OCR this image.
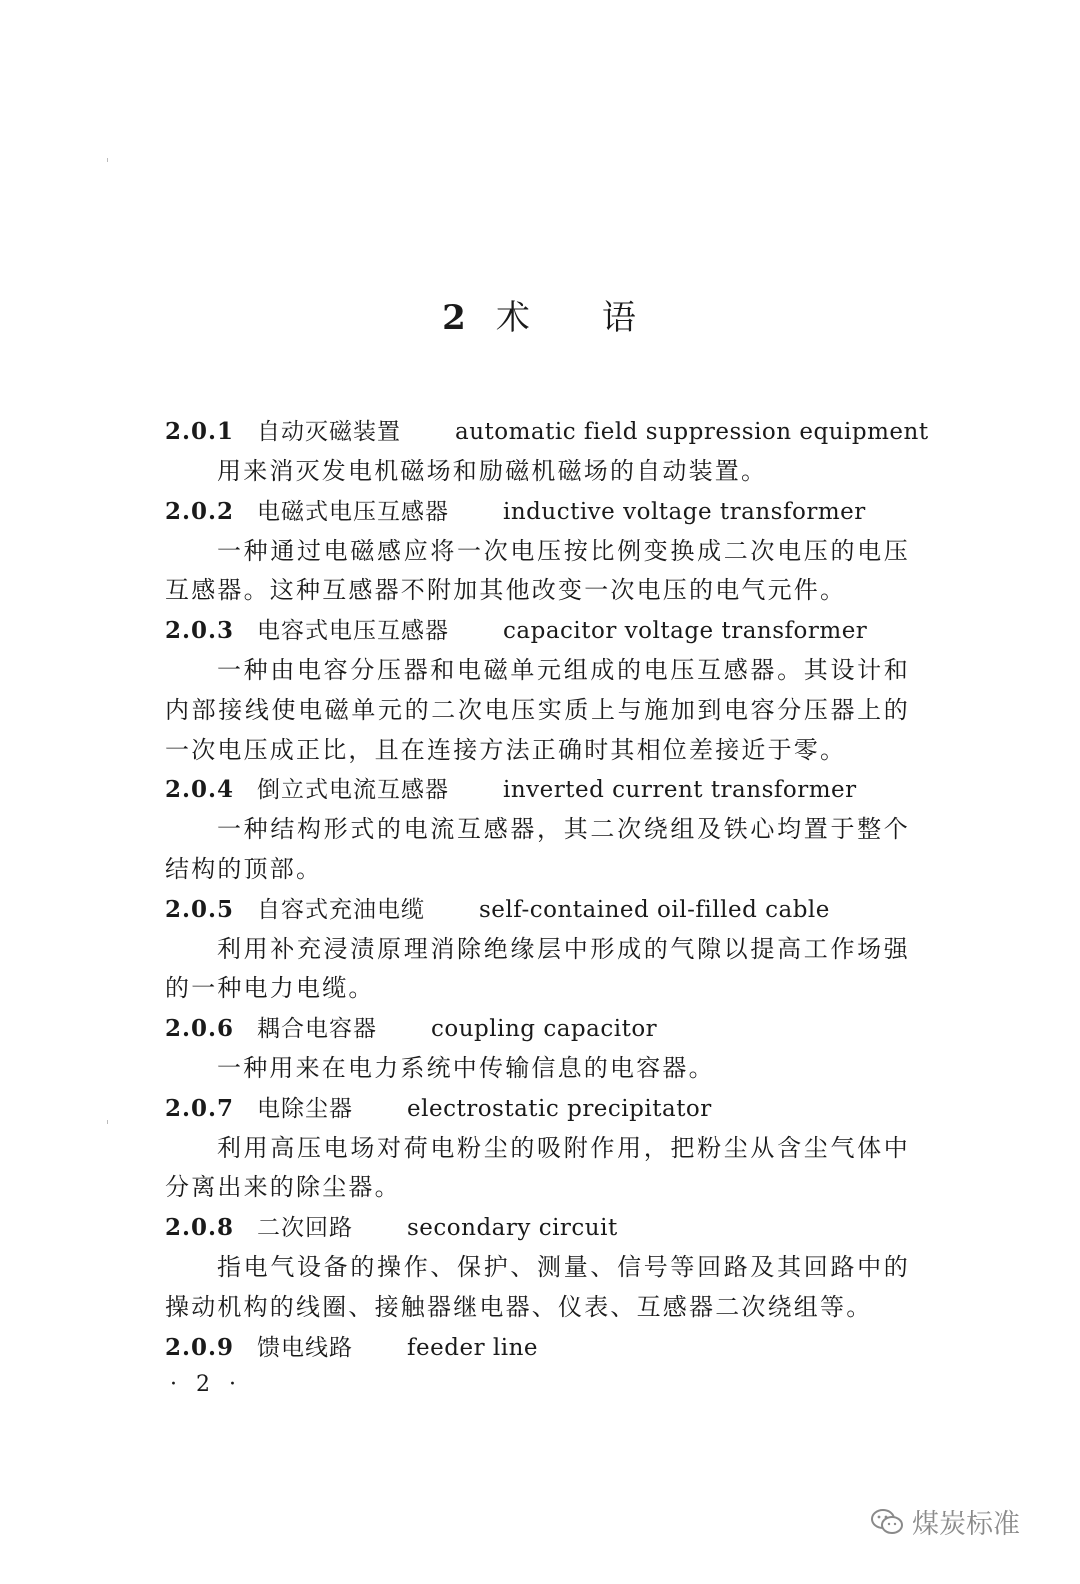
2 术 语
2.0.1 自动灭磁装置 automatic field suppression equipment
用来消灭发电机磁场和励磁机磁场的自动装置。
2.0.2 电磁式电压互感器 inductive voltage transformer
一种通过电磁感应将一次电压按比例变换成二次电压的电压互感器。这种互感器不附加其他改变一次电压的电气元件。
2.0.3 电容式电压互感器 capacitor voltage transformer
一种由电容分压器和电磁单元组成的电压互感器。其设计和内部接线使电磁单元的二次电压实质上与施加到电容分压器上的一次电压成正比，且在连接方法正确时其相位差接近于零。
2.0.4 倒立式电流互感器 inverted current transformer
一种结构形式的电流互感器，其二次绕组及铁心均置于整个结构的顶部。
2.0.5 自容式充油电缆 self-contained oil-filled cable
利用补充浸渍原理消除绝缘层中形成的气隙以提高工作场强的一种电力电缆。
2.0.6 耦合电容器 coupling capacitor
一种用来在电力系统中传输信息的电容器。
2.0.7 电除尘器 electrostatic precipitator
利用高压电场对荷电粉尘的吸附作用，把粉尘从含尘气体中分离出来的除尘器。
2.0.8 二次回路 secondary circuit
指电气设备的操作、保护、测量、信号等回路及其回路中的操动机构的线圈、接触器继电器、仪表、互感器二次绕组等。
2.0.9 馈电线路 feeder line
· 2 ·
煤炭标准
